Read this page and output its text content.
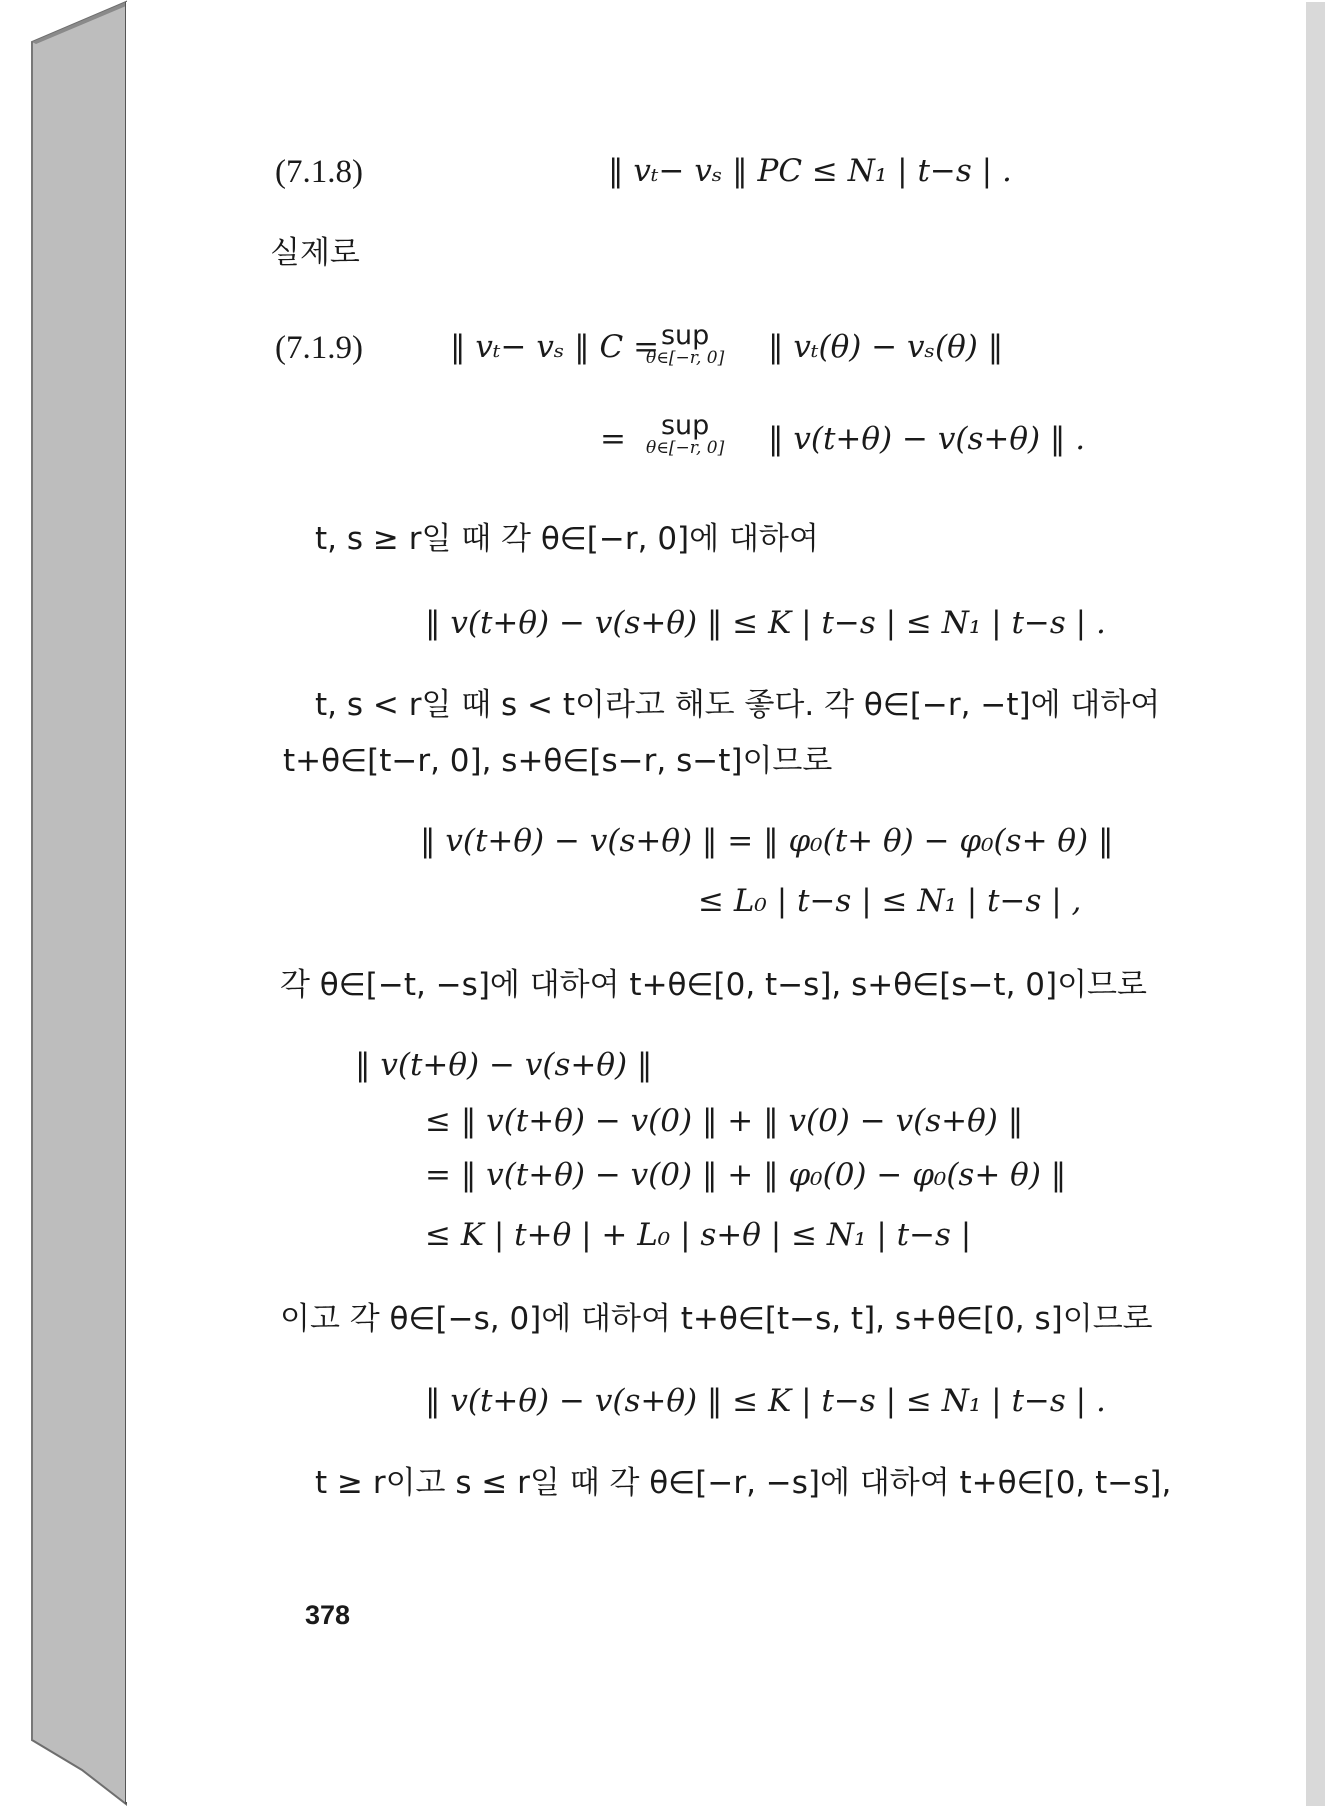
(7.1.8)	‖ vₜ− vₛ ‖ PC ≤ N₁ | t−s | .
실제로
(7.1.9)	‖ vₜ− vₛ ‖ C = sup
θ∈[−r, 0] ‖ vₜ(θ) − vₛ(θ) ‖
=	sup
θ∈[−r, 0] ‖ v(t+θ) − v(s+θ) ‖ .
t, s ≥ r일 때 각 θ∈[−r, 0]에 대하여
‖ v(t+θ) − v(s+θ) ‖ ≤ K | t−s | ≤ N₁ | t−s | .
t, s < r일 때 s < t이라고 해도 좋다. 각 θ∈[−r, −t]에 대하여
t+θ∈[t−r, 0], s+θ∈[s−r, s−t]이므로
‖ v(t+θ) − v(s+θ) ‖ = ‖ φ₀(t+ θ) − φ₀(s+ θ) ‖
≤ L₀ | t−s | ≤ N₁ | t−s | ,
각 θ∈[−t, −s]에 대하여 t+θ∈[0, t−s], s+θ∈[s−t, 0]이므로
‖ v(t+θ) − v(s+θ) ‖
≤ ‖ v(t+θ) − v(0) ‖ + ‖ v(0) − v(s+θ) ‖
= ‖ v(t+θ) − v(0) ‖ + ‖ φ₀(0) − φ₀(s+ θ) ‖
≤ K | t+θ | + L₀ | s+θ | ≤ N₁ | t−s |
이고 각 θ∈[−s, 0]에 대하여 t+θ∈[t−s, t], s+θ∈[0, s]이므로
‖ v(t+θ) − v(s+θ) ‖ ≤ K | t−s | ≤ N₁ | t−s | .
t ≥ r이고 s ≤ r일 때 각 θ∈[−r, −s]에 대하여 t+θ∈[0, t−s],
378
